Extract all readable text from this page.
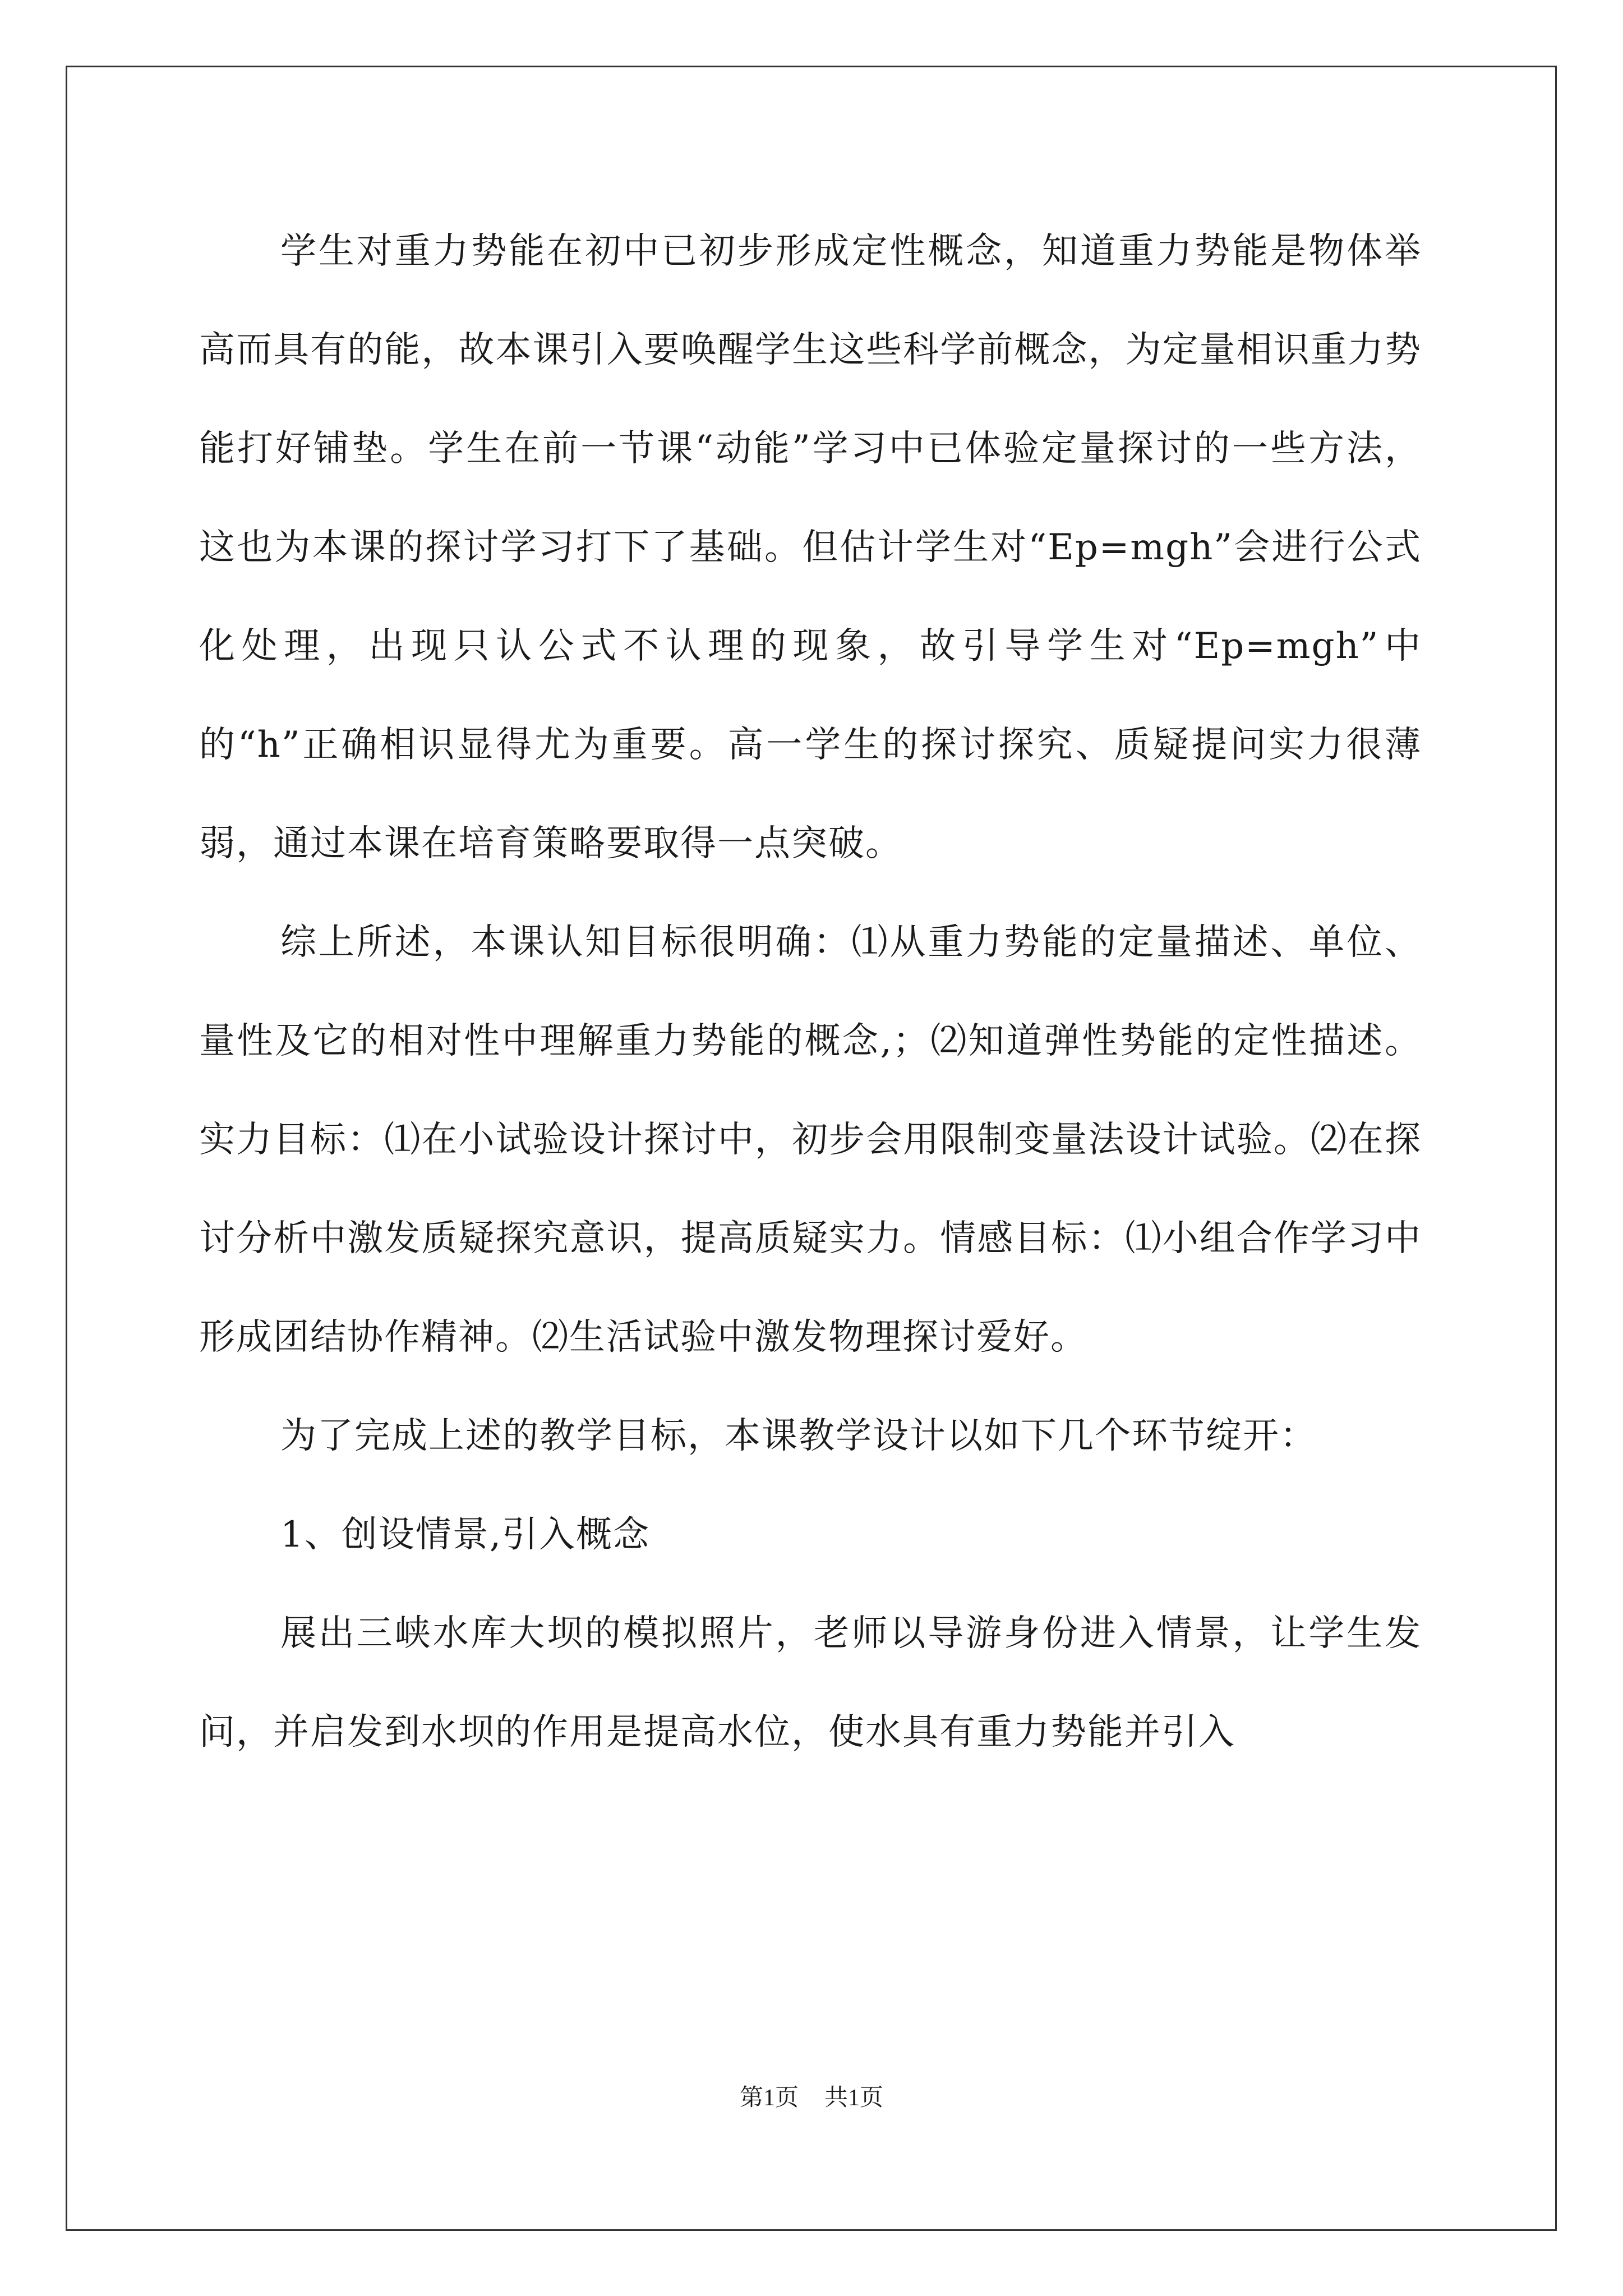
学生对重力势能在初中已初步形成定性概念，知道重力势能是物体举高而具有的能，故本课引入要唤醒学生这些科学前概念，为定量相识重力势能打好铺垫。学生在前一节课“动能”学习中已体验定量探讨的一些方法，这也为本课的探讨学习打下了基础。但估计学生对“Ep=mgh”会进行公式化处理，出现只认公式不认理的现象，故引导学生对“Ep=mgh”中的“h”正确相识显得尤为重要。高一学生的探讨探究、质疑提问实力很薄弱，通过本课在培育策略要取得一点突破。

综上所述，本课认知目标很明确：⑴从重力势能的定量描述、单位、量性及它的相对性中理解重力势能的概念,；⑵知道弹性势能的定性描述。实力目标：⑴在小试验设计探讨中，初步会用限制变量法设计试验。⑵在探讨分析中激发质疑探究意识，提高质疑实力。情感目标：⑴小组合作学习中形成团结协作精神。⑵生活试验中激发物理探讨爱好。

为了完成上述的教学目标，本课教学设计以如下几个环节绽开：

1、创设情景,引入概念

展出三峡水库大坝的模拟照片，老师以导游身份进入情景，让学生发问，并启发到水坝的作用是提高水位，使水具有重力势能并引入

第1页 共1页
